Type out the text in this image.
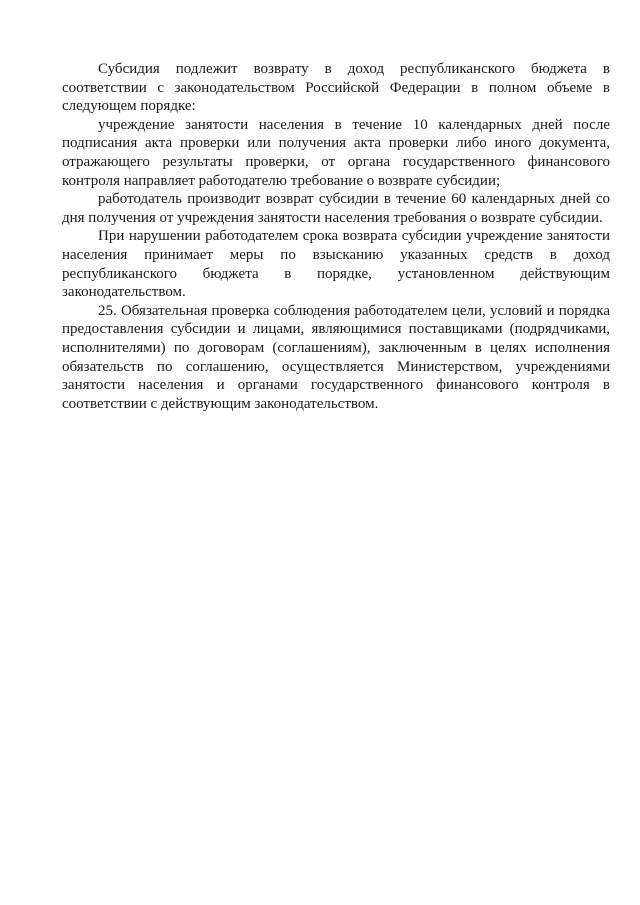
Субсидия подлежит возврату в доход республиканского бюджета в соответствии с законодательством Российской Федерации в полном объеме в следующем порядке:

учреждение занятости населения в течение 10 календарных дней после подписания акта проверки или получения акта проверки либо иного документа, отражающего результаты проверки, от органа государственного финансового контроля направляет работодателю требование о возврате субсидии;

работодатель производит возврат субсидии в течение 60 календарных дней со дня получения от учреждения занятости населения требования о возврате субсидии.

При нарушении работодателем срока возврата субсидии учреждение занятости населения принимает меры по взысканию указанных средств в доход республиканского бюджета в порядке, установленном действующим законодательством.

25. Обязательная проверка соблюдения работодателем цели, условий и порядка предоставления субсидии и лицами, являющимися поставщиками (подрядчиками, исполнителями) по договорам (соглашениям), заключенным в целях исполнения обязательств по соглашению, осуществляется Министерством, учреждениями занятости населения и органами государственного финансового контроля в соответствии с действующим законодательством.
